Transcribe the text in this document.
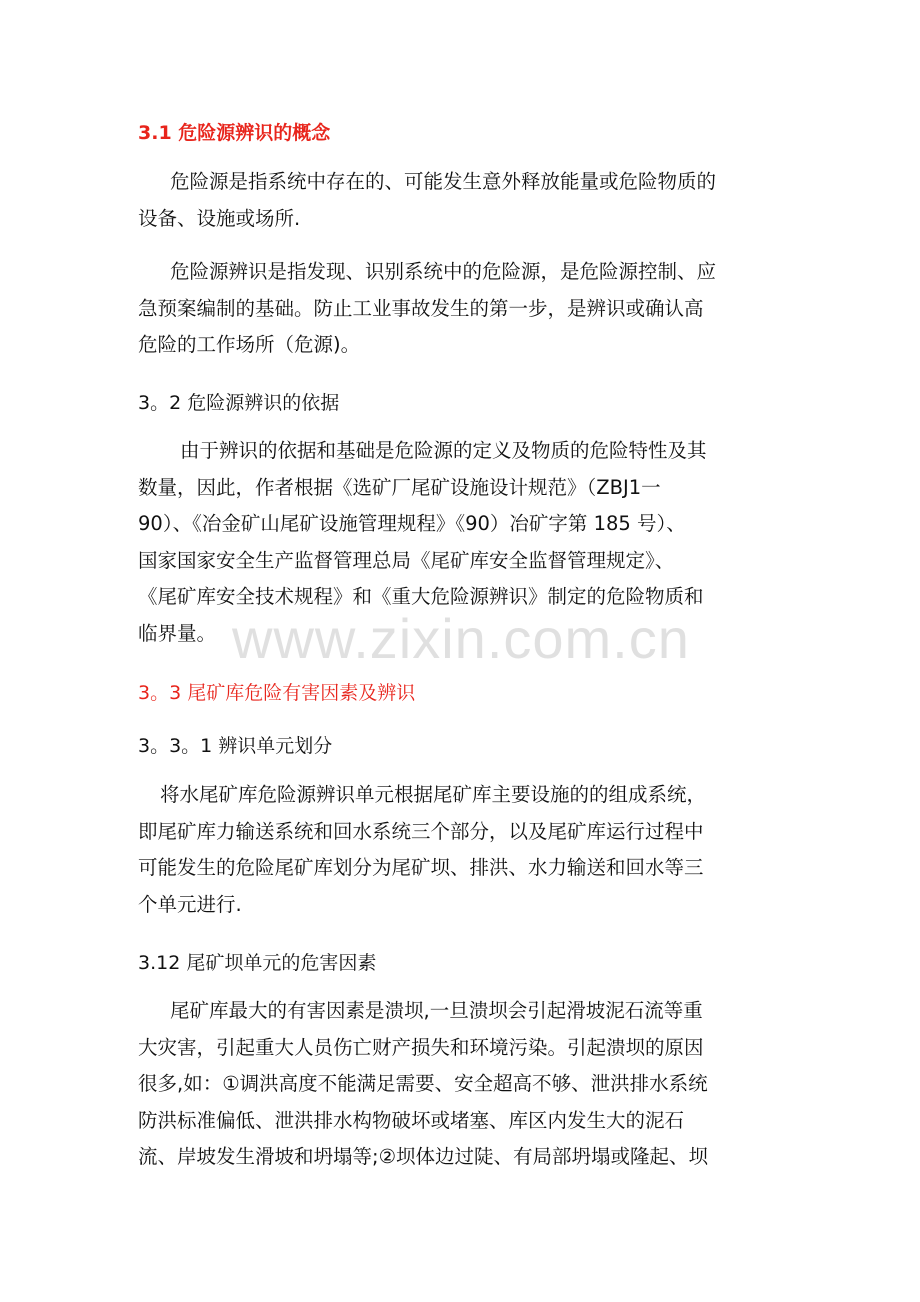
3.1 危险源辨识的概念
危险源是指系统中存在的、可能发生意外释放能量或危险物质的
设备、设施或场所.
危险源辨识是指发现、识别系统中的危险源，是危险源控制、应
急预案编制的基础。防止工业事故发生的第一步，是辨识或确认高
危险的工作场所（危源)。
3。2 危险源辨识的依据
由于辨识的依据和基础是危险源的定义及物质的危险特性及其
数量，因此，作者根据《选矿厂尾矿设施设计规范》（ZBJ1一
90）、《冶金矿山尾矿设施管理规程》《90）冶矿字第 185 号）、
国家国家安全生产监督管理总局《尾矿库安全监督管理规定》、
《尾矿库安全技术规程》和《重大危险源辨识》制定的危险物质和
临界量。
3。3 尾矿库危险有害因素及辨识
3。3。1 辨识单元划分
将水尾矿库危险源辨识单元根据尾矿库主要设施的的组成系统，
即尾矿库力输送系统和回水系统三个部分，以及尾矿库运行过程中
可能发生的危险尾矿库划分为尾矿坝、排洪、水力输送和回水等三
个单元进行.
3.12 尾矿坝单元的危害因素
尾矿库最大的有害因素是溃坝,一旦溃坝会引起滑坡泥石流等重
大灾害，引起重大人员伤亡财产损失和环境污染。引起溃坝的原因
很多,如：①调洪高度不能满足需要、安全超高不够、泄洪排水系统
防洪标准偏低、泄洪排水构物破坏或堵塞、库区内发生大的泥石
流、岸坡发生滑坡和坍塌等;②坝体边过陡、有局部坍塌或隆起、坝
www.zixin.com.cn
